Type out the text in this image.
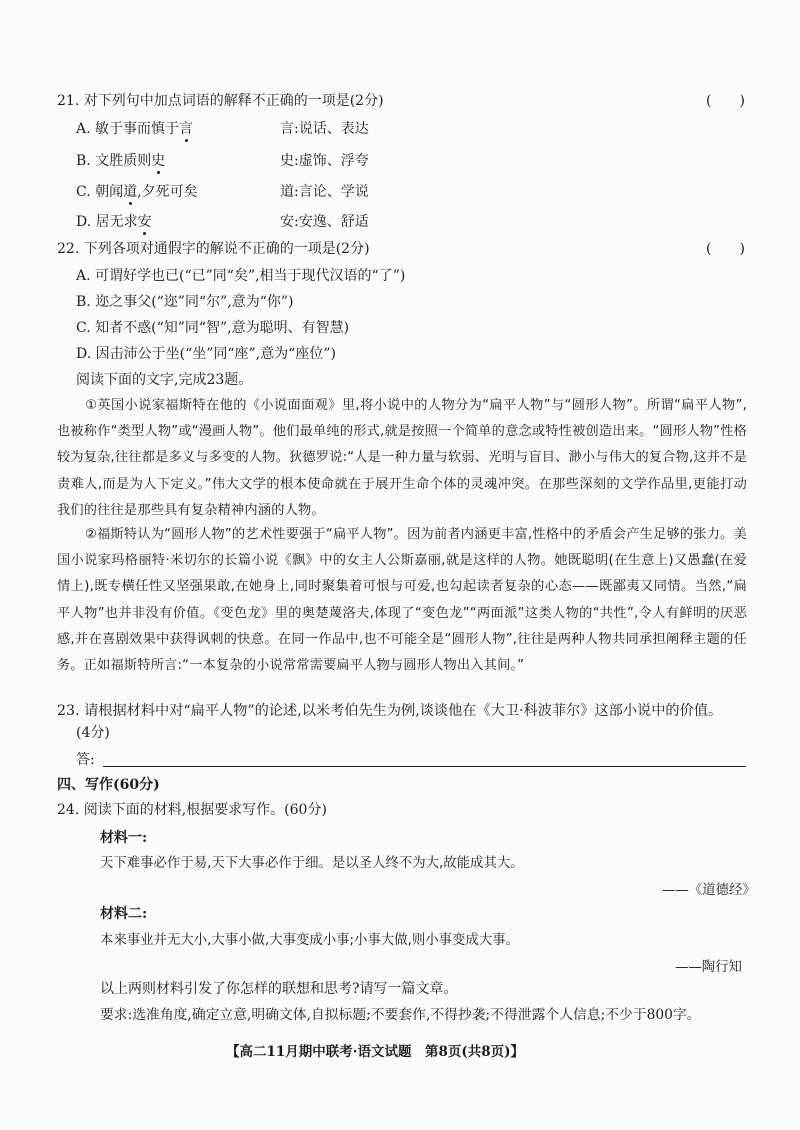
21. 对下列句中加点词语的解释不正确的一项是(2分)	(　　)
A. 敏于事而慎于言	言:说话、表达
B. 文胜质则史	史:虚饰、浮夸
C. 朝闻道,夕死可矣	道:言论、学说
D. 居无求安	安:安逸、舒适
22. 下列各项对通假字的解说不正确的一项是(2分)	(　　)
A. 可谓好学也已(“已”同“矣”,相当于现代汉语的“了”)
B. 迩之事父(“迩”同“尔”,意为“你”)
C. 知者不惑(“知”同“智”,意为聪明、有智慧)
D. 因击沛公于坐(“坐”同“座”,意为“座位”)
阅读下面的文字,完成23题。
①英国小说家福斯特在他的《小说面面观》里,将小说中的人物分为“扁平人物”与“圆形人物”。所谓“扁平人物”,也被称作“类型人物”或“漫画人物”。他们最单纯的形式,就是按照一个简单的意念或特性被创造出来。“圆形人物”性格较为复杂,往往都是多义与多变的人物。狄德罗说:“人是一种力量与软弱、光明与盲目、渺小与伟大的复合物,这并不是责难人,而是为人下定义。”伟大文学的根本使命就在于展开生命个体的灵魂冲突。在那些深刻的文学作品里,更能打动我们的往往是那些具有复杂精神内涵的人物。
②福斯特认为“圆形人物”的艺术性要强于“扁平人物”。因为前者内涵更丰富,性格中的矛盾会产生足够的张力。美国小说家玛格丽特·米切尔的长篇小说《飘》中的女主人公斯嘉丽,就是这样的人物。她既聪明(在生意上)又愚蠢(在爱情上),既专横任性又坚强果敢,在她身上,同时聚集着可恨与可爱,也勾起读者复杂的心态——既鄙夷又同情。当然,“扁平人物”也并非没有价值。《变色龙》里的奥楚蔑洛夫,体现了“变色龙”“两面派”这类人物的“共性”,令人有鲜明的厌恶感,并在喜剧效果中获得讽刺的快意。在同一作品中,也不可能全是“圆形人物”,往往是两种人物共同承担阐释主题的任务。正如福斯特所言:“一本复杂的小说常常需要扁平人物与圆形人物出入其间。”
23. 请根据材料中对“扁平人物”的论述,以米考伯先生为例,谈谈他在《大卫·科波菲尔》这部小说中的价值。
(4分)
答:
四、写作(60分)
24. 阅读下面的材料,根据要求写作。(60分)
材料一:
天下难事必作于易,天下大事必作于细。是以圣人终不为大,故能成其大。
——《道德经》
材料二:
本来事业并无大小,大事小做,大事变成小事;小事大做,则小事变成大事。
——陶行知
以上两则材料引发了你怎样的联想和思考?请写一篇文章。
要求:选准角度,确定立意,明确文体,自拟标题;不要套作,不得抄袭;不得泄露个人信息;不少于800字。
【高二11月期中联考·语文试题　第8页(共8页)】
